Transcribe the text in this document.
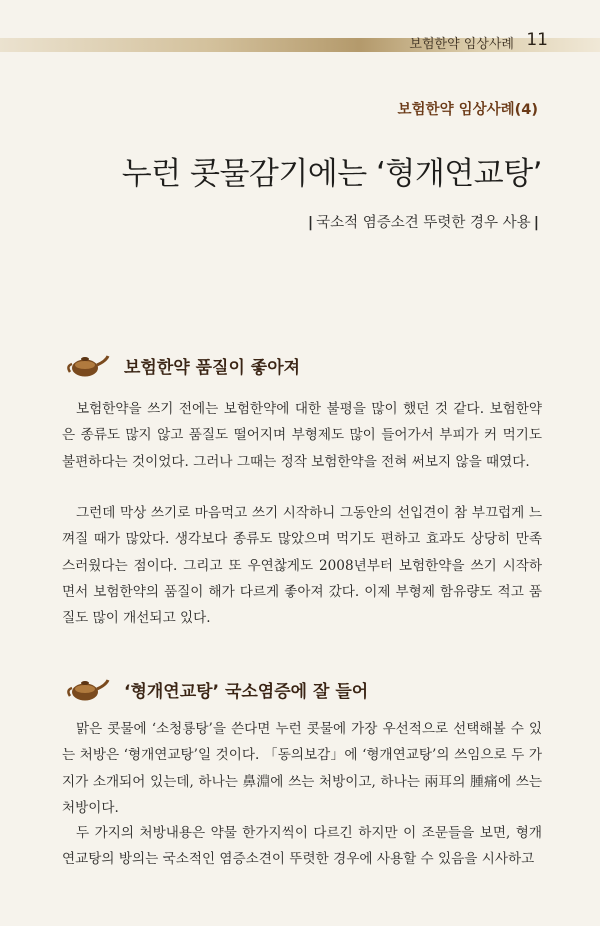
보험한약 임상사례 11
보험한약 임상사례(4)
누런 콧물감기에는 ‘형개연교탕’
| 국소적 염증소견 뚜렷한 경우 사용 |
보험한약 품질이 좋아져

보험한약을 쓰기 전에는 보험한약에 대한 불평을 많이 했던 것 같다. 보험한약은 종류도 많지 않고 품질도 떨어지며 부형제도 많이 들어가서 부피가 커 먹기도 불편하다는 것이었다. 그러나 그때는 정작 보험한약을 전혀 써보지 않을 때였다.

그런데 막상 쓰기로 마음먹고 쓰기 시작하니 그동안의 선입견이 참 부끄럽게 느껴질 때가 많았다. 생각보다 종류도 많았으며 먹기도 편하고 효과도 상당히 만족스러웠다는 점이다. 그리고 또 우연찮게도 2008년부터 보험한약을 쓰기 시작하면서 보험한약의 품질이 해가 다르게 좋아져 갔다. 이제 부형제 함유량도 적고 품질도 많이 개선되고 있다.

‘형개연교탕’ 국소염증에 잘 들어

맑은 콧물에 ‘소청룡탕’을 쓴다면 누런 콧물에 가장 우선적으로 선택해볼 수 있는 처방은 ‘형개연교탕’일 것이다. 「동의보감」에 ‘형개연교탕’의 쓰임으로 두 가지가 소개되어 있는데, 하나는 鼻淵에 쓰는 처방이고, 하나는 兩耳의 腫痛에 쓰는 처방이다.

두 가지의 처방내용은 약물 한가지씩이 다르긴 하지만 이 조문들을 보면, 형개연교탕의 방의는 국소적인 염증소견이 뚜렷한 경우에 사용할 수 있음을 시사하고
